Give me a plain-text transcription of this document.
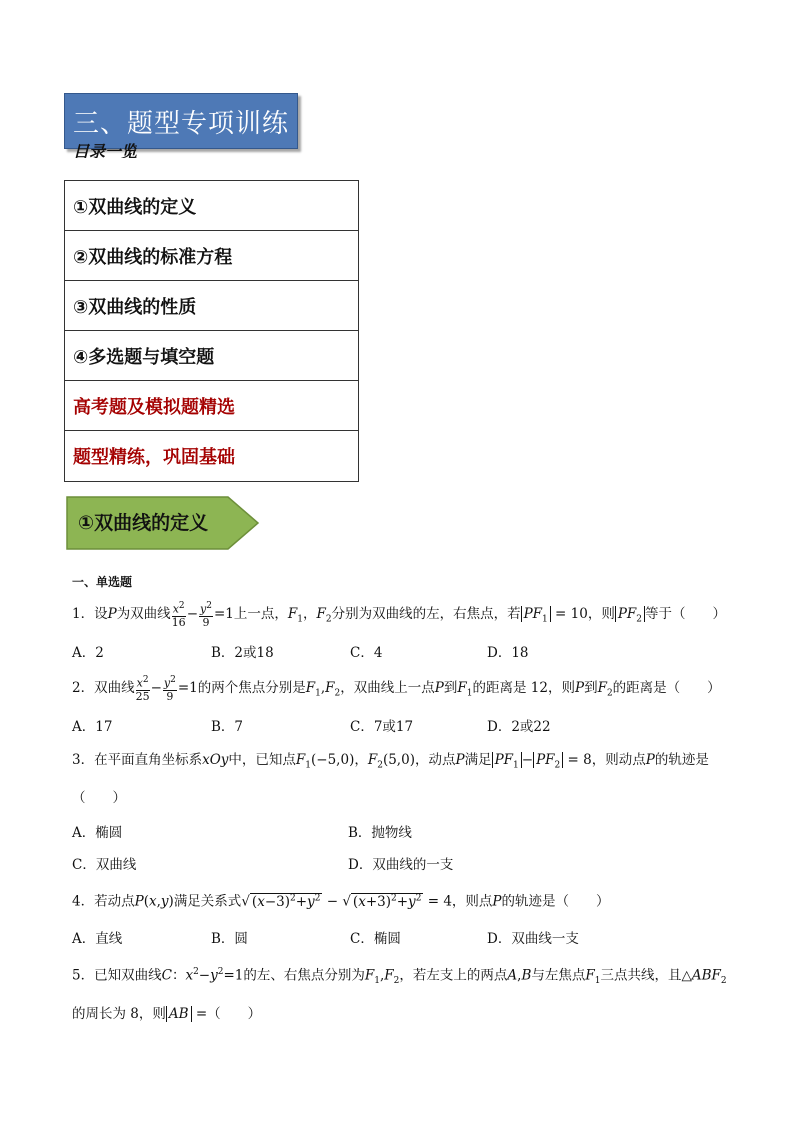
三、题型专项训练
目录一览
①双曲线的定义
②双曲线的标准方程
③双曲线的性质
④多选题与填空题
高考题及模拟题精选
题型精练，巩固基础
①双曲线的定义
一、单选题
1．设P为双曲线 $\frac{x^2}{16} - \frac{y^2}{9} =1$上一点，$F_1$，$F_2$分别为双曲线的左，右焦点，若 $PF_1 = 10$，则 $PF_2$ 等于（　　）
A．2	B．2或18	C．4	D．18
2．双曲线 $\frac{x^2}{25} - \frac{y^2}{9} =1$的两个焦点分别是$F_1,F_2$，双曲线上一点P到$F_1$的距离是 12，则P到$F_2$的距离是（　　）
A．17	B．7	C．7或17	D．2或22
3．在平面直角坐标系xOy中，已知点$F_1(-5,0)$，$F_2(5,0)$，动点P满足 $PF_1 - PF_2 = 8$，则动点P的轨迹是
（　　）
A．椭圆	B．抛物线
C．双曲线	D．双曲线的一支
4．若动点P(x,y)满足关系式√ $(x-3)^2+y^2$ − √ $(x+3)^2+y^2 = 4$，则点P的轨迹是（　　）
A．直线	B．圆	C．椭圆	D．双曲线一支
5．已知双曲线C：$x^2-y^2=1$的左、右焦点分别为$F_1,F_2$，若左支上的两点A,B与左焦点$F_1$三点共线，且$\triangle ABF_2$
的周长为 8，则 AB =（　　）
